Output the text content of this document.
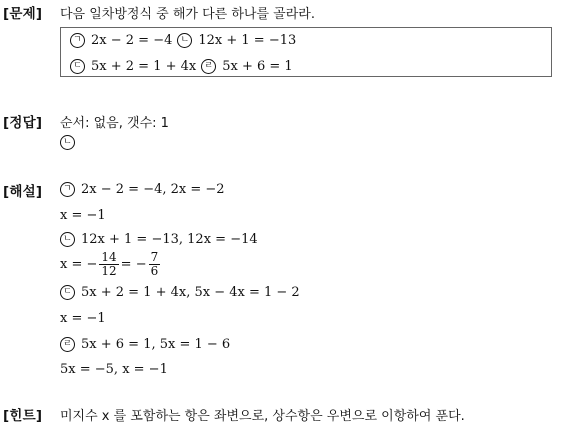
[문제] 다음 일차방정식 중 해가 다른 하나를 골라라.
ㄱ 2x − 2 = −4 ㄴ 12x + 1 = −13
ㄷ 5x + 2 = 1 + 4x ㄹ 5x + 6 = 1
[정답] 순서: 없음, 갯수: 1
ㄴ
[해설]	ㄱ 2x − 2 = −4, 2x = −2
x = −1
ㄴ 12x + 1 = −13, 12x = −14
x = − $\frac{14}{12}$ = − $\frac{7}{6}$
ㄷ 5x + 2 = 1 + 4x, 5x − 4x = 1 − 2
x = −1
ㄹ 5x + 6 = 1, 5x = 1 − 6
5x = −5, x = −1
[힌트] 미지수 x 를 포함하는 항은 좌변으로, 상수항은 우변으로 이항하여 푼다.
